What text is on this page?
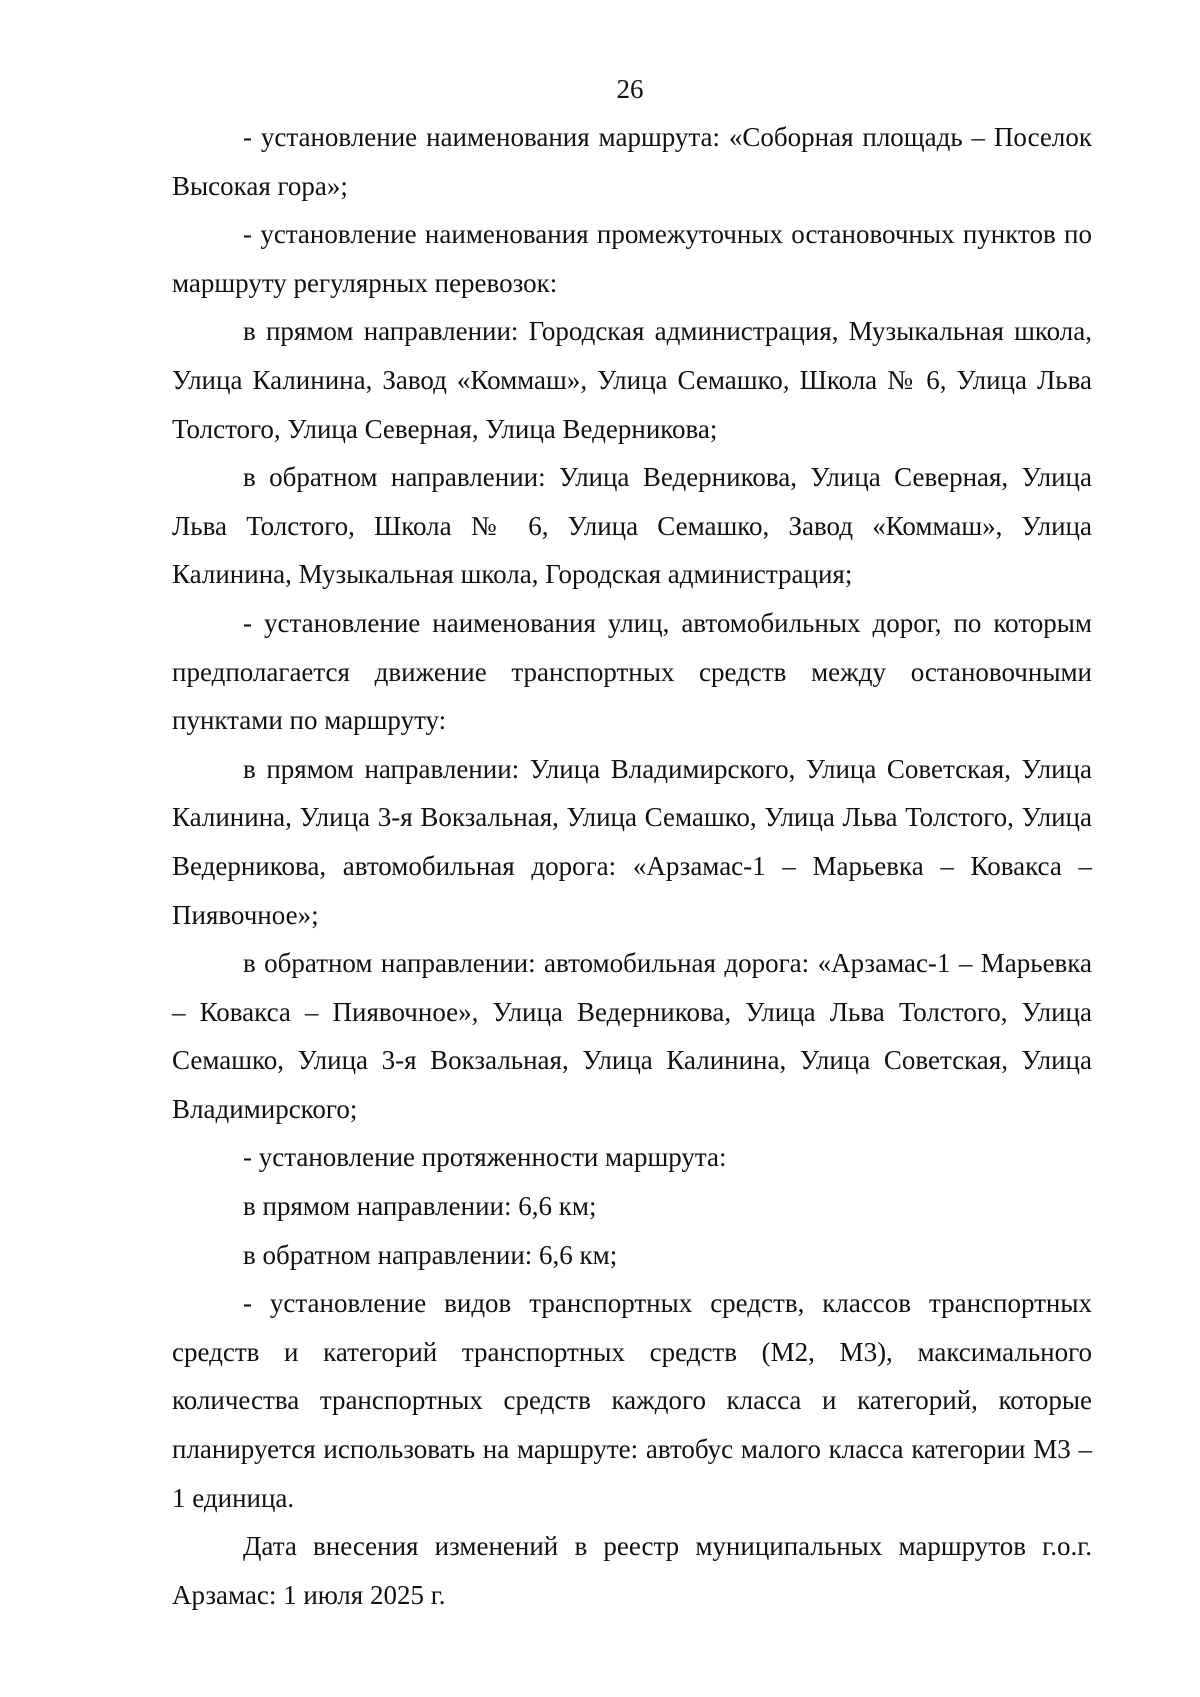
26

- установление наименования маршрута: «Соборная площадь – Поселок Высокая гора»;

- установление наименования промежуточных остановочных пунктов по маршруту регулярных перевозок:

в прямом направлении: Городская администрация, Музыкальная школа, Улица Калинина, Завод «Коммаш», Улица Семашко, Школа № 6, Улица Льва Толстого, Улица Северная, Улица Ведерникова;

в обратном направлении: Улица Ведерникова, Улица Северная, Улица Льва Толстого, Школа № 6, Улица Семашко, Завод «Коммаш», Улица Калинина, Музыкальная школа, Городская администрация;

- установление наименования улиц, автомобильных дорог, по которым предполагается движение транспортных средств между остановочными пунктами по маршруту:

в прямом направлении: Улица Владимирского, Улица Советская, Улица Калинина, Улица 3-я Вокзальная, Улица Семашко, Улица Льва Толстого, Улица Ведерникова, автомобильная дорога: «Арзамас-1 – Марьевка – Ковакса – Пиявочное»;

в обратном направлении: автомобильная дорога: «Арзамас-1 – Марьевка – Ковакса – Пиявочное», Улица Ведерникова, Улица Льва Толстого, Улица Семашко, Улица 3-я Вокзальная, Улица Калинина, Улица Советская, Улица Владимирского;

- установление протяженности маршрута:

в прямом направлении: 6,6 км;

в обратном направлении: 6,6 км;

- установление видов транспортных средств, классов транспортных средств и категорий транспортных средств (М2, М3), максимального количества транспортных средств каждого класса и категорий, которые планируется использовать на маршруте: автобус малого класса категории М3 – 1 единица.

Дата внесения изменений в реестр муниципальных маршрутов г.о.г. Арзамас: 1 июля 2025 г.
